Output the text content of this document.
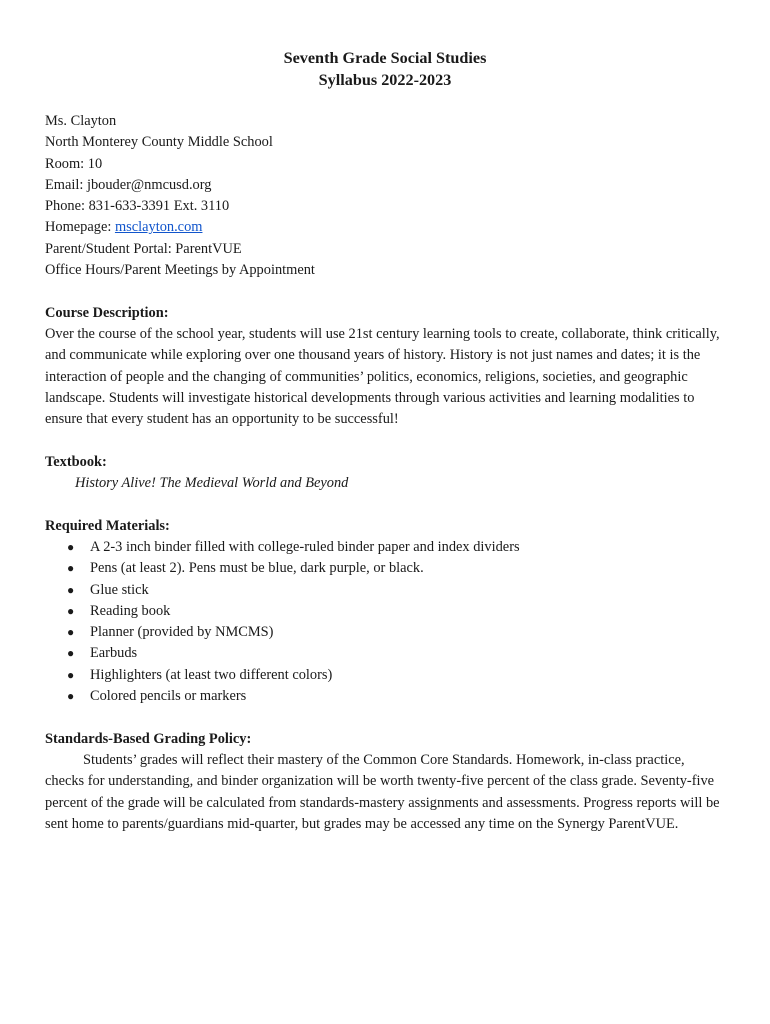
Seventh Grade Social Studies
Syllabus 2022-2023
Ms. Clayton
North Monterey County Middle School
Room: 10
Email: jbouder@nmcusd.org
Phone: 831-633-3391 Ext. 3110
Homepage: msclayton.com
Parent/Student Portal: ParentVUE
Office Hours/Parent Meetings by Appointment
Course Description:
Over the course of the school year, students will use 21st century learning tools to create, collaborate, think critically, and communicate while exploring over one thousand years of history. History is not just names and dates; it is the interaction of people and the changing of communities’ politics, economics, religions, societies, and geographic landscape. Students will investigate historical developments through various activities and learning modalities to ensure that every student has an opportunity to be successful!
Textbook:
History Alive! The Medieval World and Beyond
Required Materials:
● A 2-3 inch binder filled with college-ruled binder paper and index dividers
● Pens (at least 2). Pens must be blue, dark purple, or black.
● Glue stick
● Reading book
● Planner (provided by NMCMS)
● Earbuds
● Highlighters (at least two different colors)
● Colored pencils or markers
Standards-Based Grading Policy:
Students’ grades will reflect their mastery of the Common Core Standards. Homework, in-class practice, checks for understanding, and binder organization will be worth twenty-five percent of the class grade. Seventy-five percent of the grade will be calculated from standards-mastery assignments and assessments. Progress reports will be sent home to parents/guardians mid-quarter, but grades may be accessed any time on the Synergy ParentVUE.
